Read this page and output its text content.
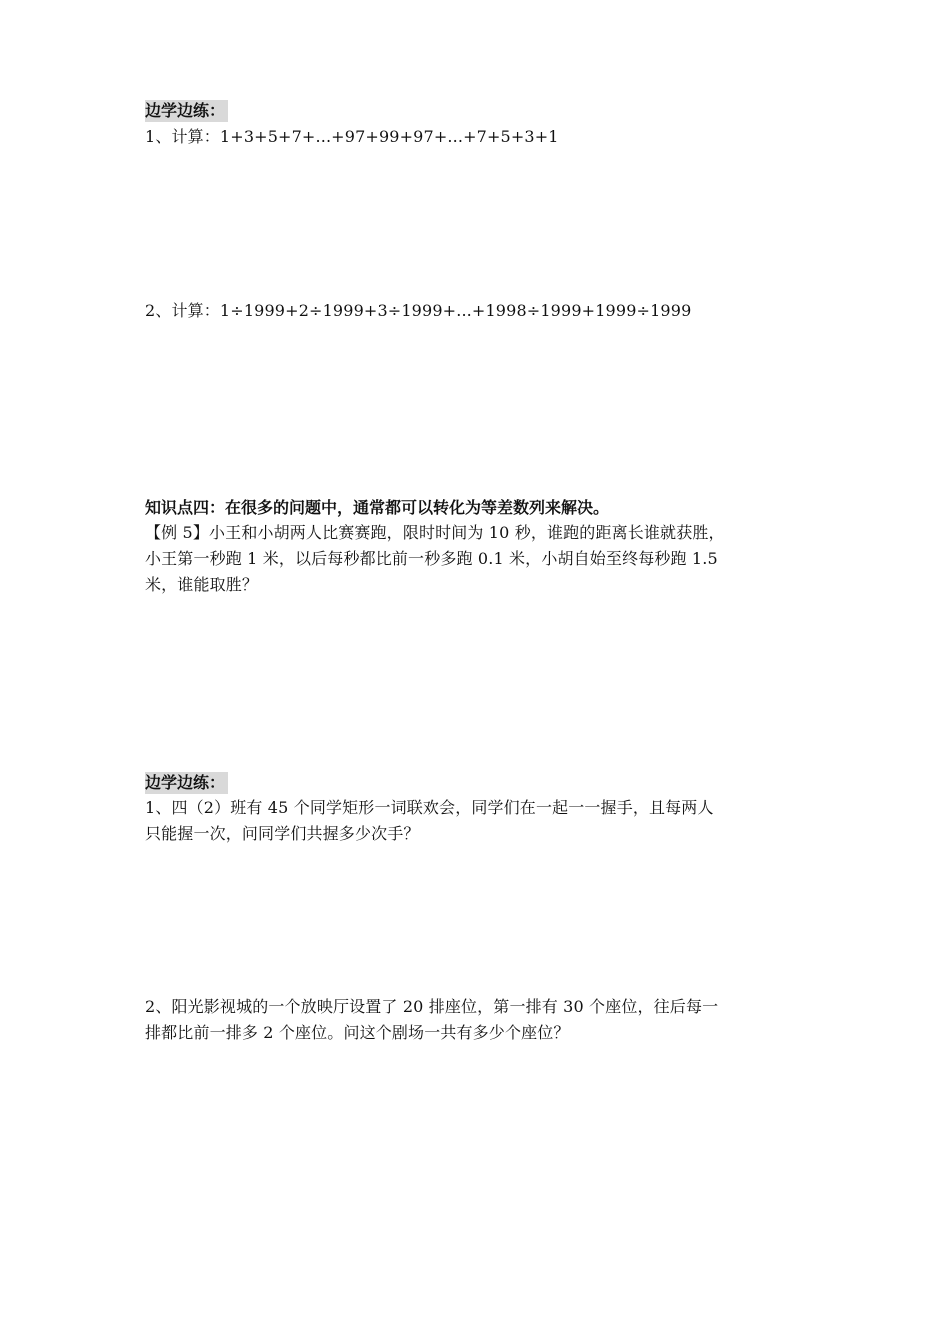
边学边练：
1、计算：1+3+5+7+...+97+99+97+...+7+5+3+1
2、计算：1÷1999+2÷1999+3÷1999+...+1998÷1999+1999÷1999
知识点四：在很多的问题中，通常都可以转化为等差数列来解决。
【例 5】小王和小胡两人比赛赛跑，限时时间为 10 秒，谁跑的距离长谁就获胜，
小王第一秒跑 1 米，以后每秒都比前一秒多跑 0.1 米，小胡自始至终每秒跑 1.5
米，谁能取胜？
边学边练：
1、四（2）班有 45 个同学矩形一词联欢会，同学们在一起一一握手，且每两人
只能握一次，问同学们共握多少次手？
2、阳光影视城的一个放映厅设置了 20 排座位，第一排有 30 个座位，往后每一
排都比前一排多 2 个座位。问这个剧场一共有多少个座位？
